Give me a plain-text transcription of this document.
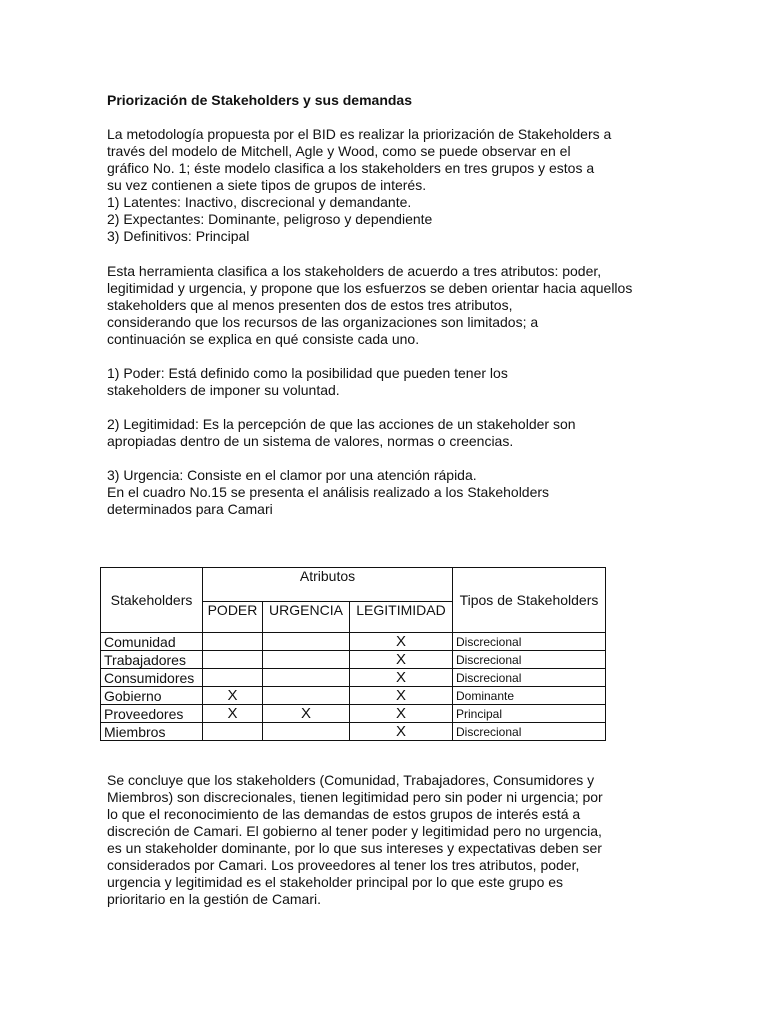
Priorización de Stakeholders y sus demandas
La metodología propuesta por el BID es realizar la priorización de Stakeholders a
través del modelo de Mitchell, Agle y Wood, como se puede observar en el
gráfico No. 1; éste modelo clasifica a los stakeholders en tres grupos y estos a
su vez contienen a siete tipos de grupos de interés.
1) Latentes: Inactivo, discrecional y demandante.
2) Expectantes: Dominante, peligroso y dependiente
3) Definitivos: Principal
Esta herramienta clasifica a los stakeholders de acuerdo a tres atributos: poder,
legitimidad y urgencia, y propone que los esfuerzos se deben orientar hacia aquellos
stakeholders que al menos presenten dos de estos tres atributos,
considerando que los recursos de las organizaciones son limitados; a
continuación se explica en qué consiste cada uno.
1) Poder: Está definido como la posibilidad que pueden tener los
stakeholders de imponer su voluntad.
2) Legitimidad: Es la percepción de que las acciones de un stakeholder son
apropiadas dentro de un sistema de valores, normas o creencias.
3) Urgencia: Consiste en el clamor por una atención rápida.
En el cuadro No.15 se presenta el análisis realizado a los Stakeholders
determinados para Camari
Stakeholders	Atributos			Tipos de Stakeholders
	PODER	URGENCIA	LEGITIMIDAD	
Comunidad			X	Discrecional
Trabajadores			X	Discrecional
Consumidores			X	Discrecional
Gobierno	X		X	Dominante
Proveedores	X	X	X	Principal
Miembros			X	Discrecional
Se concluye que los stakeholders (Comunidad, Trabajadores, Consumidores y
Miembros) son discrecionales, tienen legitimidad pero sin poder ni urgencia; por
lo que el reconocimiento de las demandas de estos grupos de interés está a
discreción de Camari. El gobierno al tener poder y legitimidad pero no urgencia,
es un stakeholder dominante, por lo que sus intereses y expectativas deben ser
considerados por Camari. Los proveedores al tener los tres atributos, poder,
urgencia y legitimidad es el stakeholder principal por lo que este grupo es
prioritario en la gestión de Camari.
